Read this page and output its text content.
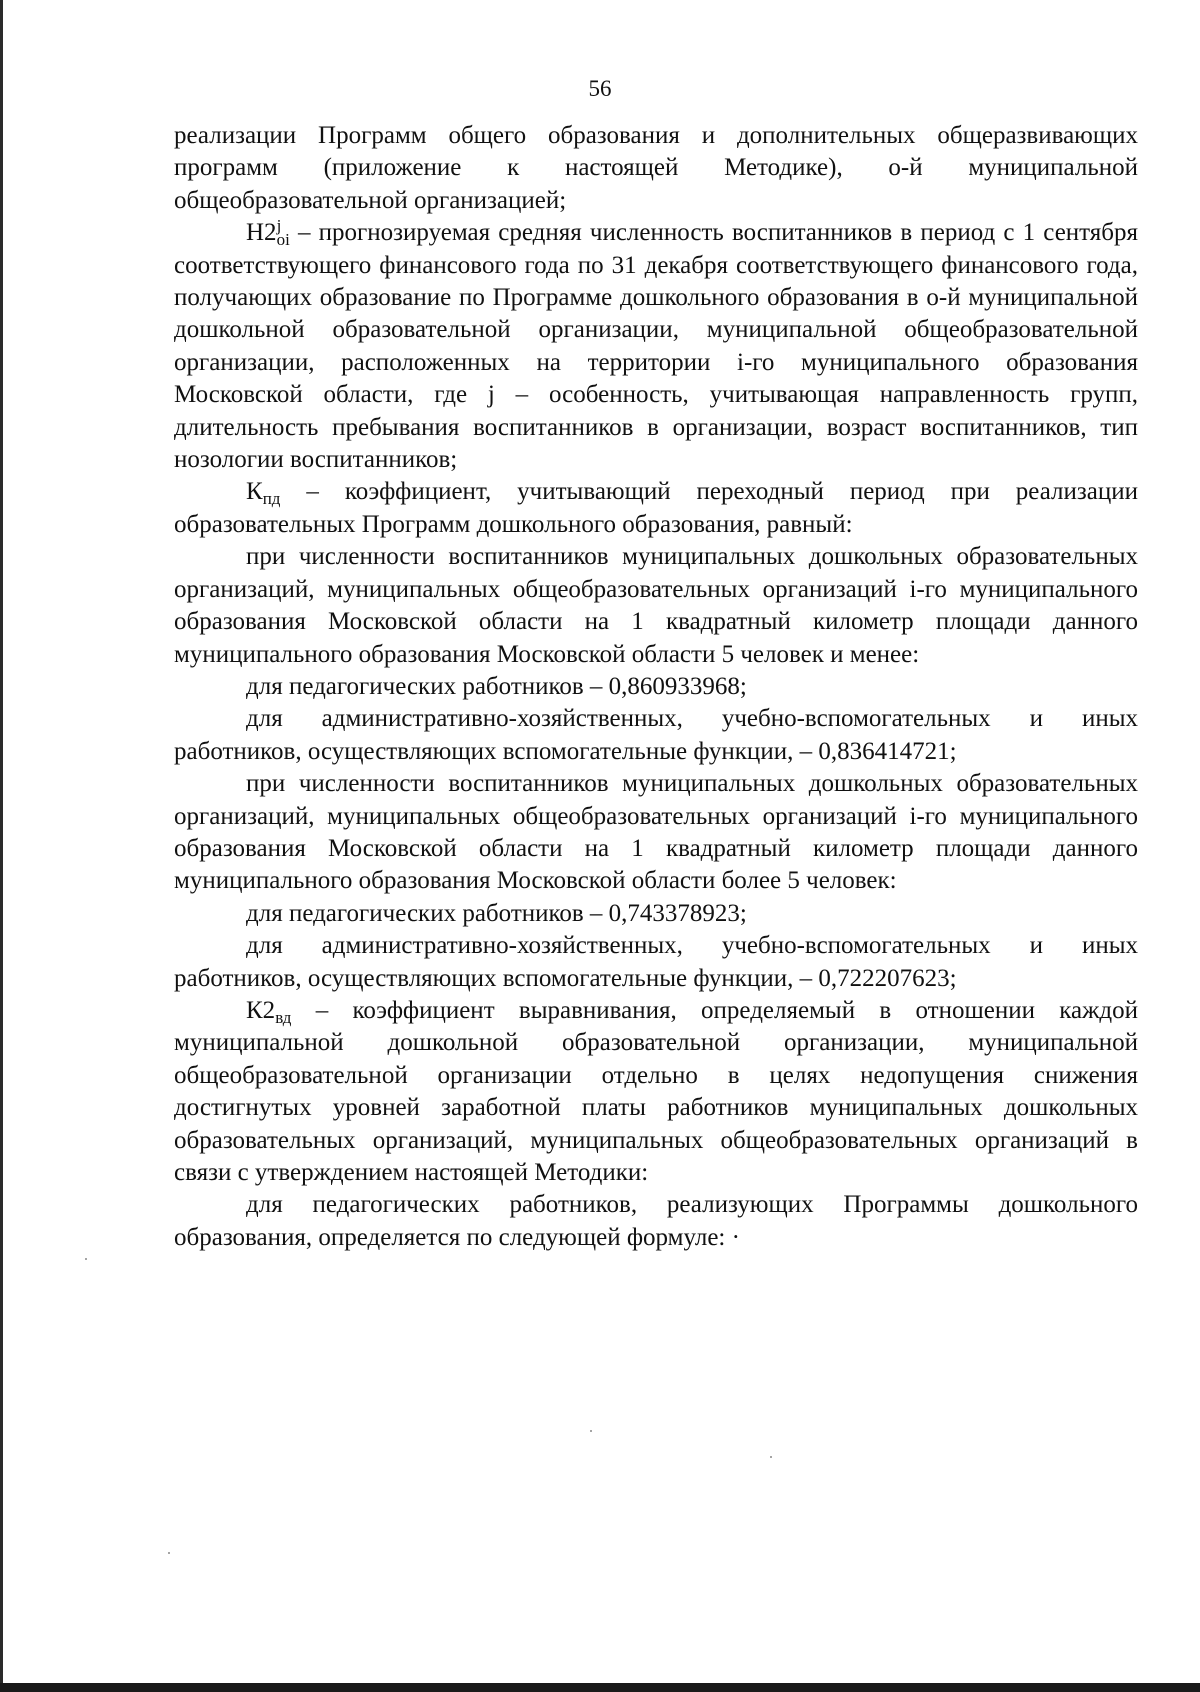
56

реализации Программ общего образования и дополнительных общеразвивающих программ (приложение к настоящей Методике), о-й муниципальной общеобразовательной организацией;

Н2 j
oi – прогнозируемая средняя численность воспитанников в период с 1 сентября соответствующего финансового года по 31 декабря соответствующего финансового года, получающих образование по Программе дошкольного образования в о-й муниципальной дошкольной образовательной организации, муниципальной общеобразовательной организации, расположенных на территории i-го муниципального образования Московской области, где j – особенность, учитывающая направленность групп, длительность пребывания воспитанников в организации, возраст воспитанников, тип нозологии воспитанников;

$К_{пд}$ – коэффициент, учитывающий переходный период при реализации образовательных Программ дошкольного образования, равный:

при численности воспитанников муниципальных дошкольных образовательных организаций, муниципальных общеобразовательных организаций i-го муниципального образования Московской области на 1 квадратный километр площади данного муниципального образования Московской области 5 человек и менее:

для педагогических работников – 0,860933968;

для административно-хозяйственных, учебно-вспомогательных и иных работников, осуществляющих вспомогательные функции, – 0,836414721;

при численности воспитанников муниципальных дошкольных образовательных организаций, муниципальных общеобразовательных организаций i-го муниципального образования Московской области на 1 квадратный километр площади данного муниципального образования Московской области более 5 человек:

для педагогических работников – 0,743378923;

для административно-хозяйственных, учебно-вспомогательных и иных работников, осуществляющих вспомогательные функции, – 0,722207623;

$К2_{вд}$ – коэффициент выравнивания, определяемый в отношении каждой муниципальной дошкольной образовательной организации, муниципальной общеобразовательной организации отдельно в целях недопущения снижения достигнутых уровней заработной платы работников муниципальных дошкольных образовательных организаций, муниципальных общеобразовательных организаций в связи с утверждением настоящей Методики:

для педагогических работников, реализующих Программы дошкольного образования, определяется по следующей формуле: ·
